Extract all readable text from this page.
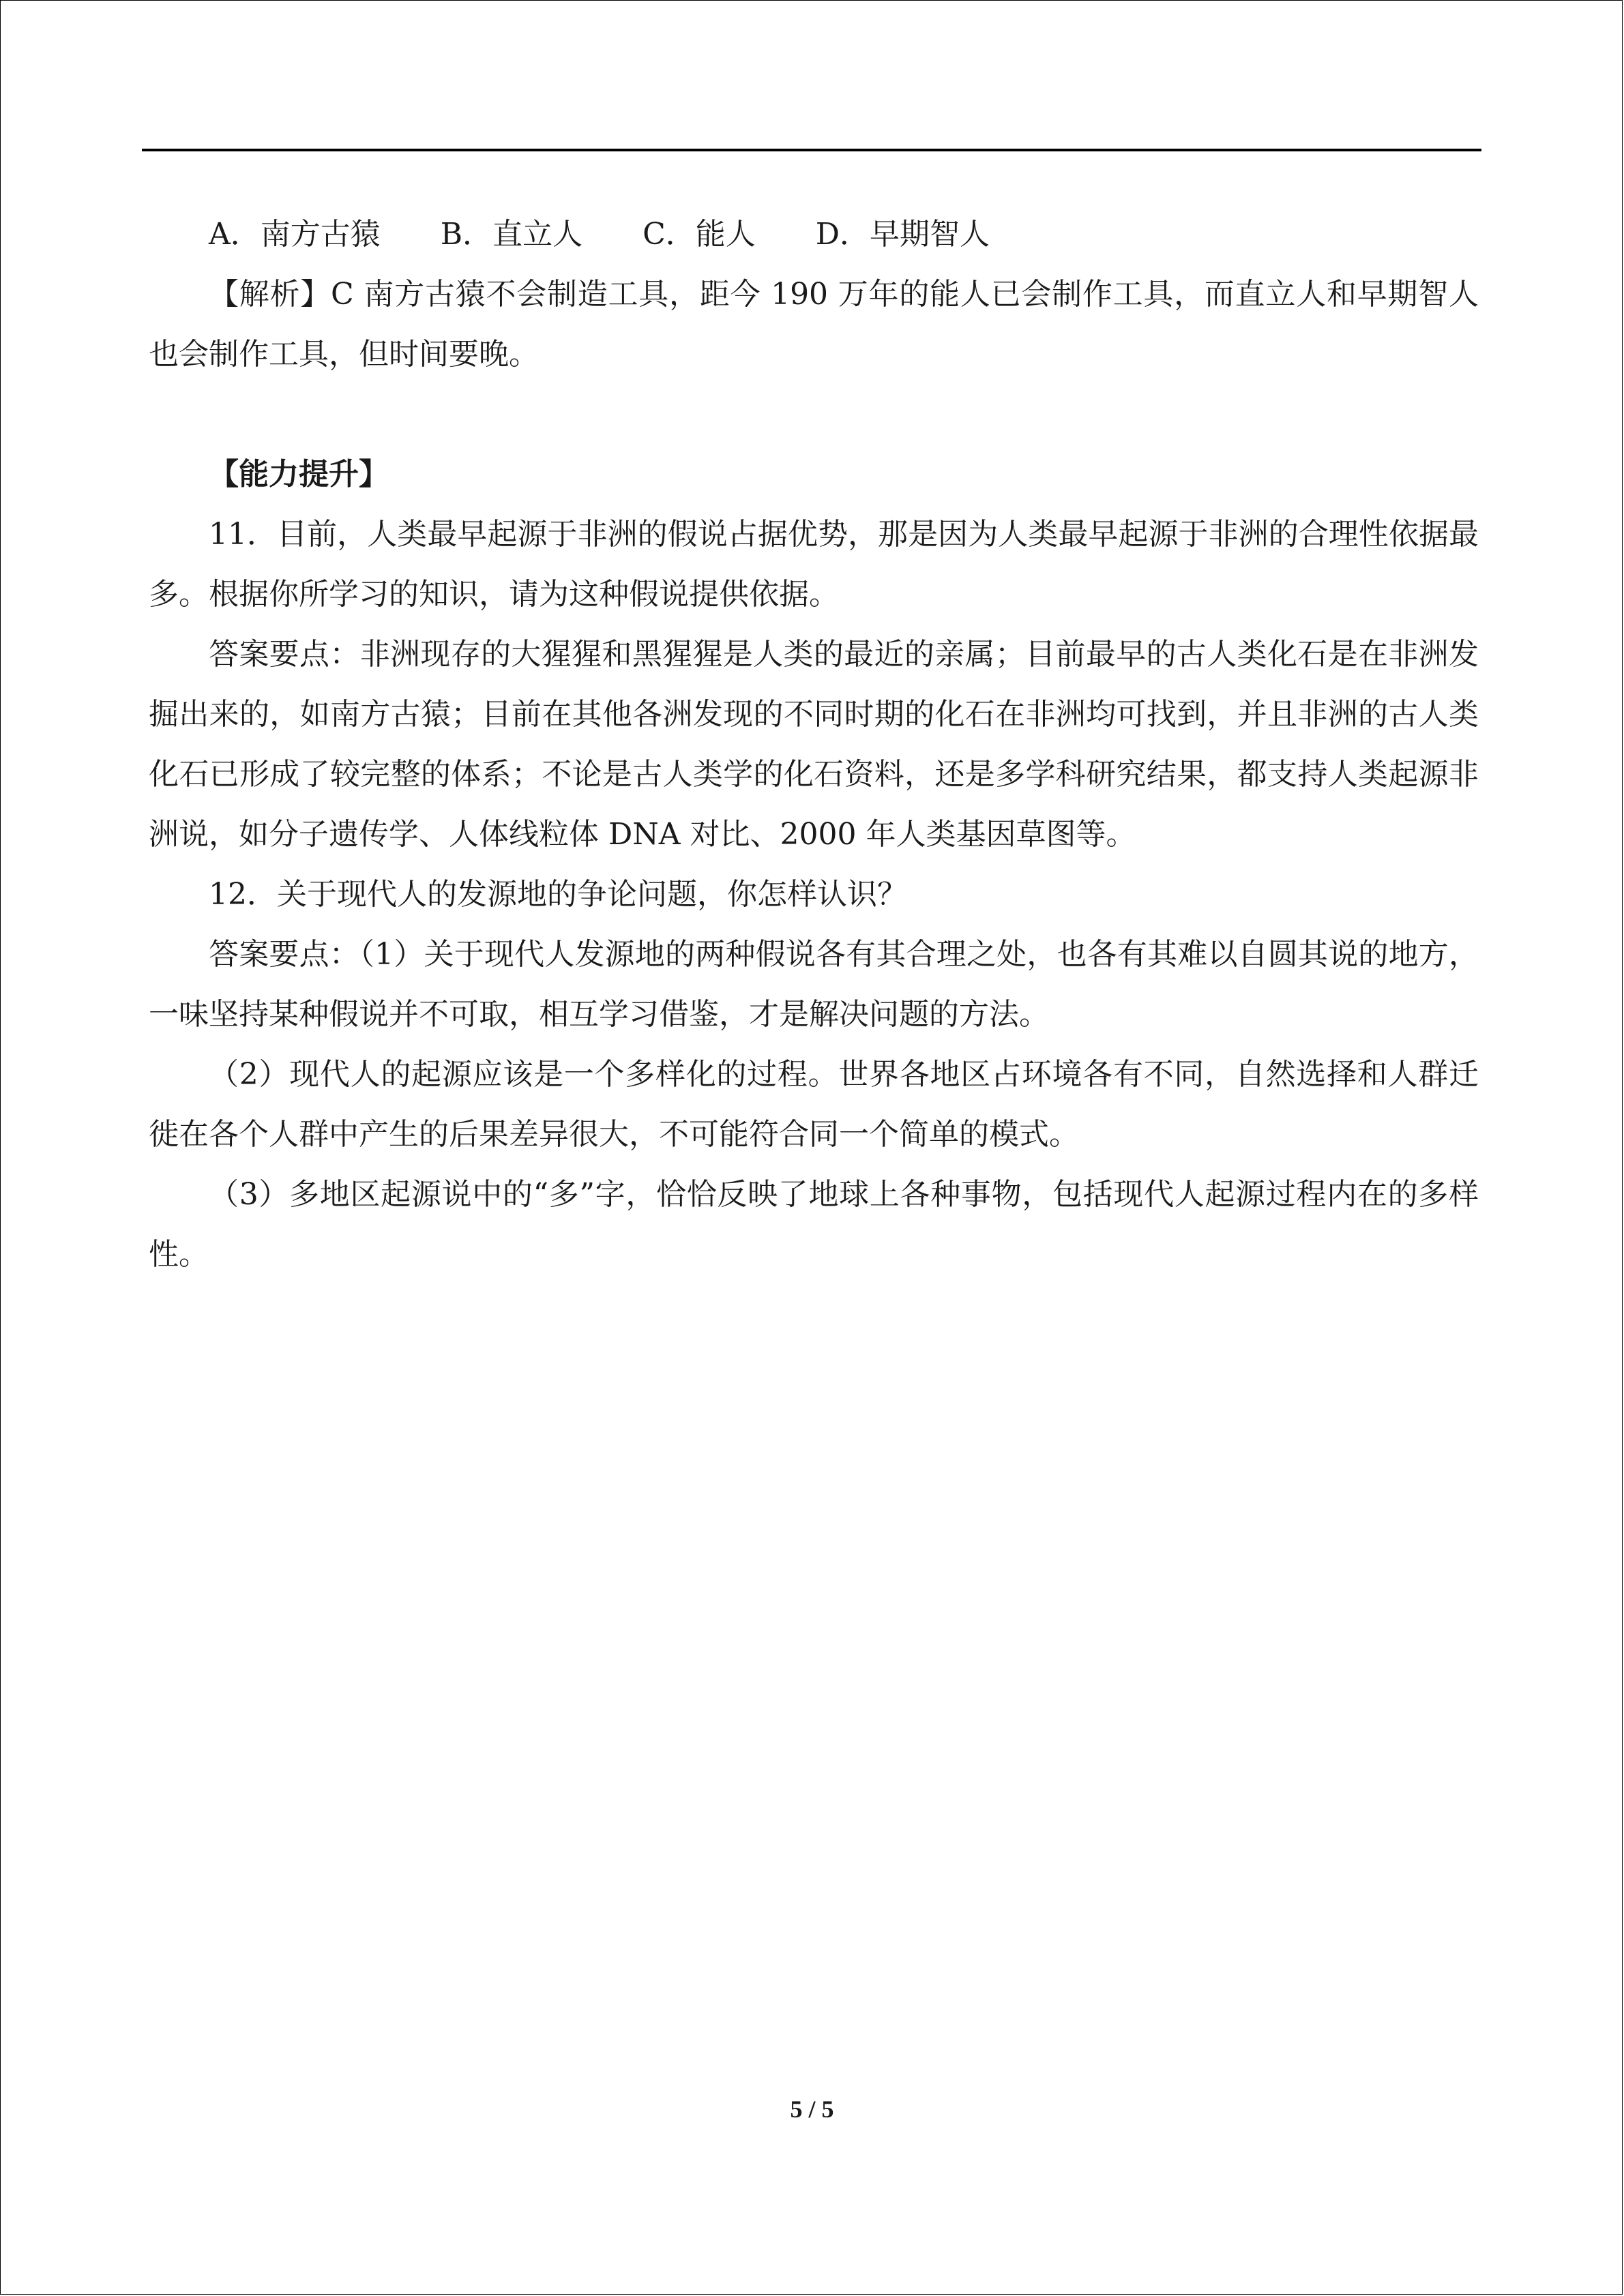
A．南方古猿　　B．直立人　　C．能人　　D．早期智人

【解析】C 南方古猿不会制造工具，距今 190 万年的能人已会制作工具，而直立人和早期智人也会制作工具，但时间要晚。

【能力提升】

11．目前，人类最早起源于非洲的假说占据优势，那是因为人类最早起源于非洲的合理性依据最多。根据你所学习的知识，请为这种假说提供依据。

答案要点：非洲现存的大猩猩和黑猩猩是人类的最近的亲属；目前最早的古人类化石是在非洲发掘出来的，如南方古猿；目前在其他各洲发现的不同时期的化石在非洲均可找到，并且非洲的古人类化石已形成了较完整的体系；不论是古人类学的化石资料，还是多学科研究结果，都支持人类起源非洲说，如分子遗传学、人体线粒体 DNA 对比、2000 年人类基因草图等。

12．关于现代人的发源地的争论问题，你怎样认识？

答案要点：（1）关于现代人发源地的两种假说各有其合理之处，也各有其难以自圆其说的地方，一味坚持某种假说并不可取，相互学习借鉴，才是解决问题的方法。

（2）现代人的起源应该是一个多样化的过程。世界各地区占环境各有不同，自然选择和人群迁徙在各个人群中产生的后果差异很大，不可能符合同一个简单的模式。

（3）多地区起源说中的“多”字，恰恰反映了地球上各种事物，包括现代人起源过程内在的多样性。

5 / 5
